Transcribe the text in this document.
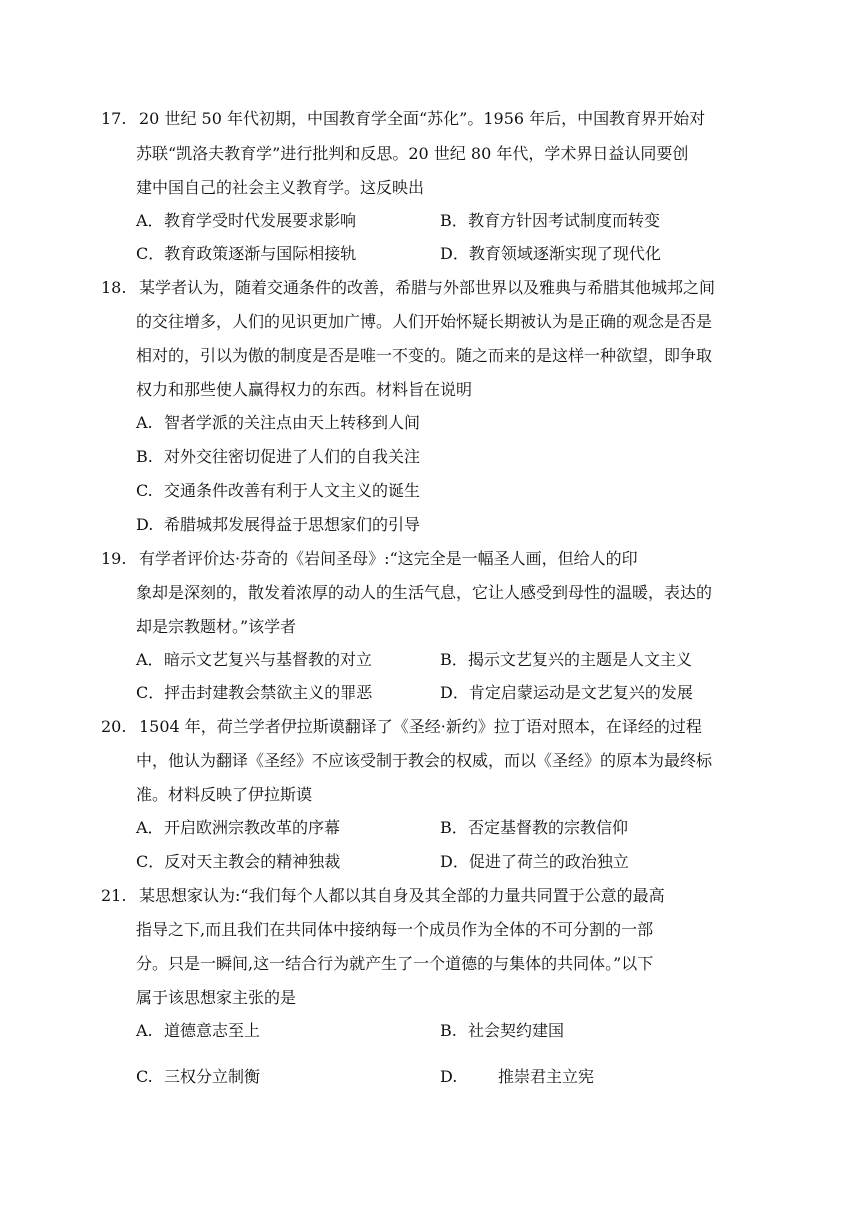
17. 20 世纪 50 年代初期，中国教育学全面“苏化”。1956 年后，中国教育界开始对
苏联“凯洛夫教育学”进行批判和反思。20 世纪 80 年代，学术界日益认同要创
建中国自己的社会主义教育学。这反映出
A．教育学受时代发展要求影响	B．教育方针因考试制度而转变
C．教育政策逐渐与国际相接轨	D．教育领域逐渐实现了现代化
18. 某学者认为，随着交通条件的改善，希腊与外部世界以及雅典与希腊其他城邦之间
的交往增多，人们的见识更加广博。人们开始怀疑长期被认为是正确的观念是否是
相对的，引以为傲的制度是否是唯一不变的。随之而来的是这样一种欲望，即争取
权力和那些使人赢得权力的东西。材料旨在说明
A. 智者学派的关注点由天上转移到人间
B. 对外交往密切促进了人们的自我关注
C. 交通条件改善有利于人文主义的诞生
D. 希腊城邦发展得益于思想家们的引导
19. 有学者评价达·芬奇的《岩间圣母》:“这完全是一幅圣人画，但给人的印
象却是深刻的，散发着浓厚的动人的生活气息，它让人感受到母性的温暖，表达的
却是宗教题材。”该学者
A．暗示文艺复兴与基督教的对立	B．揭示文艺复兴的主题是人文主义
C．抨击封建教会禁欲主义的罪恶	D．肯定启蒙运动是文艺复兴的发展
20. 1504 年，荷兰学者伊拉斯谟翻译了《圣经·新约》拉丁语对照本，在译经的过程
中，他认为翻译《圣经》不应该受制于教会的权威，而以《圣经》的原本为最终标
准。材料反映了伊拉斯谟
A．开启欧洲宗教改革的序幕	B．否定基督教的宗教信仰
C．反对天主教会的精神独裁	D．促进了荷兰的政治独立
21. 某思想家认为:“我们每个人都以其自身及其全部的力量共同置于公意的最高
指导之下,而且我们在共同体中接纳每一个成员作为全体的不可分割的一部
分。只是一瞬间,这一结合行为就产生了一个道德的与集体的共同体。”以下
属于该思想家主张的是
A. 道德意志至上	B. 社会契约建国
C. 三权分立制衡	D.	推崇君主立宪
